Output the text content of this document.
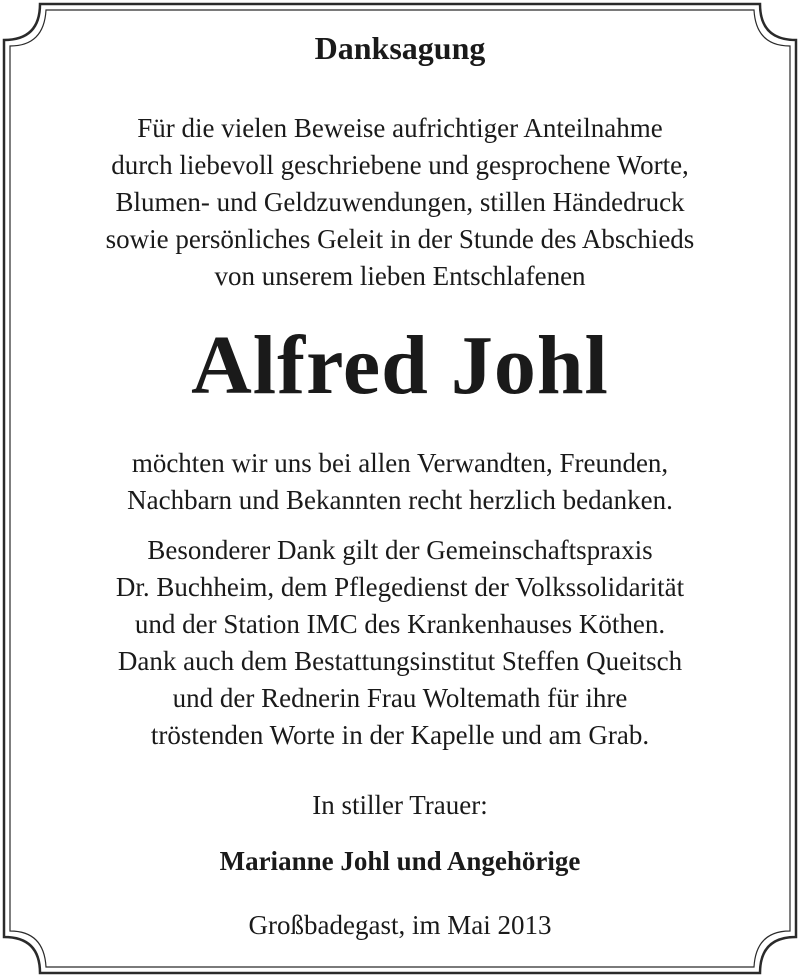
Danksagung
Für die vielen Beweise aufrichtiger Anteilnahme
durch liebevoll geschriebene und gesprochene Worte,
Blumen- und Geldzuwendungen, stillen Händedruck
sowie persönliches Geleit in der Stunde des Abschieds
von unserem lieben Entschlafenen
Alfred Johl
möchten wir uns bei allen Verwandten, Freunden,
Nachbarn und Bekannten recht herzlich bedanken.
Besonderer Dank gilt der Gemeinschaftspraxis
Dr. Buchheim, dem Pflegedienst der Volkssolidarität
und der Station IMC des Krankenhauses Köthen.
Dank auch dem Bestattungsinstitut Steffen Queitsch
und der Rednerin Frau Woltemath für ihre
tröstenden Worte in der Kapelle und am Grab.
In stiller Trauer:
Marianne Johl und Angehörige
Großbadegast, im Mai 2013
